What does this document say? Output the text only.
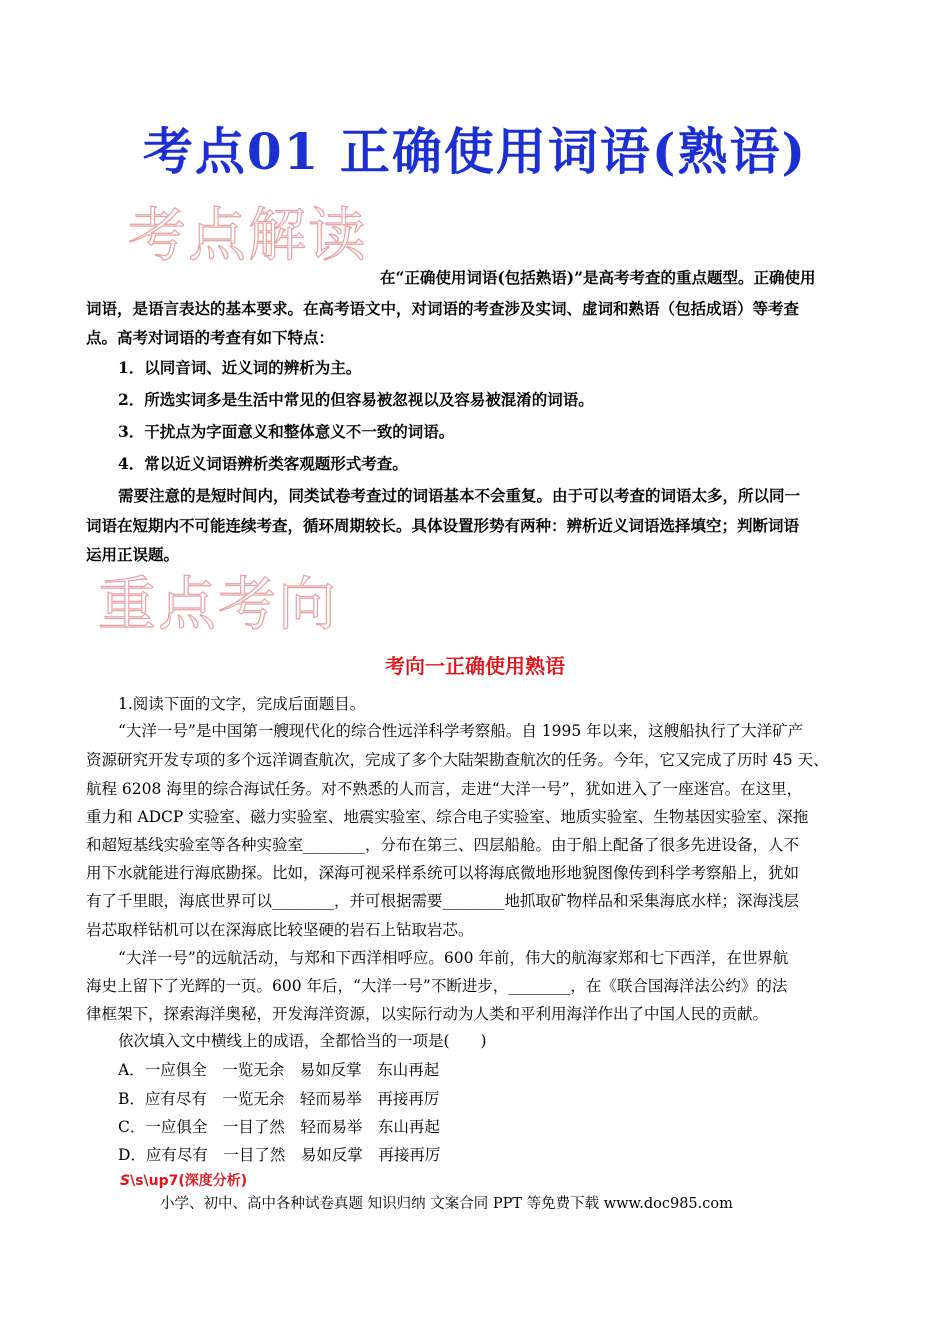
考点01 正确使用词语(熟语)
考点解读
在“正确使用词语(包括熟语)”是高考考查的重点题型。正确使用
词语，是语言表达的基本要求。在高考语文中，对词语的考查涉及实词、虚词和熟语（包括成语）等考查
点。高考对词语的考查有如下特点：
1．以同音词、近义词的辨析为主。
2．所选实词多是生活中常见的但容易被忽视以及容易被混淆的词语。
3．干扰点为字面意义和整体意义不一致的词语。
4．常以近义词语辨析类客观题形式考查。
需要注意的是短时间内，同类试卷考查过的词语基本不会重复。由于可以考查的词语太多，所以同一
词语在短期内不可能连续考查，循环周期较长。具体设置形势有两种：辨析近义词语选择填空；判断词语
运用正误题。
重点考向
考向一正确使用熟语
1.阅读下面的文字，完成后面题目。
“大洋一号”是中国第一艘现代化的综合性远洋科学考察船。自 1995 年以来，这艘船执行了大洋矿产
资源研究开发专项的多个远洋调查航次，完成了多个大陆架勘查航次的任务。今年，它又完成了历时 45 天、
航程 6208 海里的综合海试任务。对不熟悉的人而言，走进“大洋一号”，犹如进入了一座迷宫。在这里，
重力和 ADCP 实验室、磁力实验室、地震实验室、综合电子实验室、地质实验室、生物基因实验室、深拖
和超短基线实验室等各种实验室________，分布在第三、四层船舱。由于船上配备了很多先进设备，人不
用下水就能进行海底勘探。比如，深海可视采样系统可以将海底微地形地貌图像传到科学考察船上，犹如
有了千里眼，海底世界可以________，并可根据需要________地抓取矿物样品和采集海底水样；深海浅层
岩芯取样钻机可以在深海底比较坚硬的岩石上钻取岩芯。
“大洋一号”的远航活动，与郑和下西洋相呼应。600 年前，伟大的航海家郑和七下西洋，在世界航
海史上留下了光辉的一页。600 年后，“大洋一号”不断进步，________，在《联合国海洋法公约》的法
律框架下，探索海洋奥秘，开发海洋资源，以实际行动为人类和平利用海洋作出了中国人民的贡献。
依次填入文中横线上的成语，全都恰当的一项是(　　)
A．一应俱全　一览无余　易如反掌　东山再起
B．应有尽有　一览无余　轻而易举　再接再厉
C．一应俱全　一目了然　轻而易举　东山再起
D．应有尽有　一目了然　易如反掌　再接再厉
S\s\up7(深度分析)
小学、初中、高中各种试卷真题 知识归纳 文案合同 PPT 等免费下载 www.doc985.com
